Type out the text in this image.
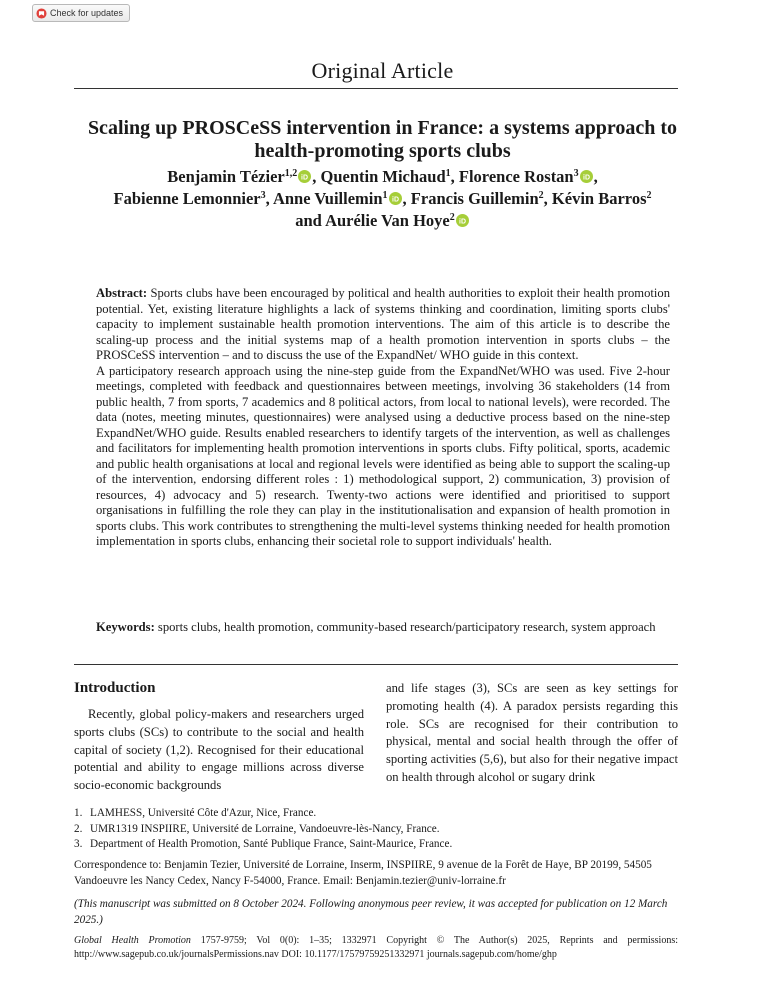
Check for updates
Original Article
Scaling up PROSCeSS intervention in France: a systems approach to health-promoting sports clubs
Benjamin Tézier$^{1,2}$ iD , Quentin Michaud$^1$, Florence Rostan$^3$ iD ,
Fabienne Lemonnier$^3$, Anne Vuillemin$^1$ iD , Francis Guillemin$^2$, Kévin Barros$^2$
and Aurélie Van Hoye$^2$ iD

Abstract: Sports clubs have been encouraged by political and health authorities to exploit their health promotion potential. Yet, existing literature highlights a lack of systems thinking and coordination, limiting sports clubs' capacity to implement sustainable health promotion interventions. The aim of this article is to describe the scaling-up process and the initial systems map of a health promotion intervention in sports clubs – the PROSCeSS intervention – and to discuss the use of the ExpandNet/ WHO guide in this context.

A participatory research approach using the nine-step guide from the ExpandNet/WHO was used. Five 2-hour meetings, completed with feedback and questionnaires between meetings, involving 36 stakeholders (14 from public health, 7 from sports, 7 academics and 8 political actors, from local to national levels), were recorded. The data (notes, meeting minutes, questionnaires) were analysed using a deductive process based on the nine-step ExpandNet/WHO guide. Results enabled researchers to identify targets of the intervention, as well as challenges and facilitators for implementing health promotion interventions in sports clubs. Fifty political, sports, academic and public health organisations at local and regional levels were identified as being able to support the scaling-up of the intervention, endorsing different roles : 1) methodological support, 2) communication, 3) provision of resources, 4) advocacy and 5) research. Twenty-two actions were identified and prioritised to support organisations in fulfilling the role they can play in the institutionalisation and expansion of health promotion in sports clubs. This work contributes to strengthening the multi-level systems thinking needed for health promotion implementation in sports clubs, enhancing their societal role to support individuals' health.

Keywords: sports clubs, health promotion, community-based research/participatory research, system approach
Introduction

Recently, global policy-makers and researchers urged sports clubs (SCs) to contribute to the social and health capital of society (1,2). Recognised for their educational potential and ability to engage millions across diverse socio-economic backgrounds

and life stages (3), SCs are seen as key settings for promoting health (4). A paradox persists regarding this role. SCs are recognised for their contribution to physical, mental and social health through the offer of sporting activities (5,6), but also for their negative impact on health through alcohol or sugary drink

1. LAMHESS, Université Côte d'Azur, Nice, France.
2. UMR1319 INSPIIRE, Université de Lorraine, Vandoeuvre-lès-Nancy, France.
3. Department of Health Promotion, Santé Publique France, Saint-Maurice, France.
Correspondence to: Benjamin Tezier, Université de Lorraine, Inserm, INSPIIRE, 9 avenue de la Forêt de Haye, BP 20199, 54505 Vandoeuvre les Nancy Cedex, Nancy F-54000, France. Email: Benjamin.tezier@univ-lorraine.fr
(This manuscript was submitted on 8 October 2024. Following anonymous peer review, it was accepted for publication on 12 March 2025.)
Global Health Promotion 1757-9759; Vol 0(0): 1–35; 1332971 Copyright © The Author(s) 2025, Reprints and permissions: http://www.sagepub.co.uk/journalsPermissions.nav DOI: 10.1177/17579759251332971 journals.sagepub.com/home/ghp
